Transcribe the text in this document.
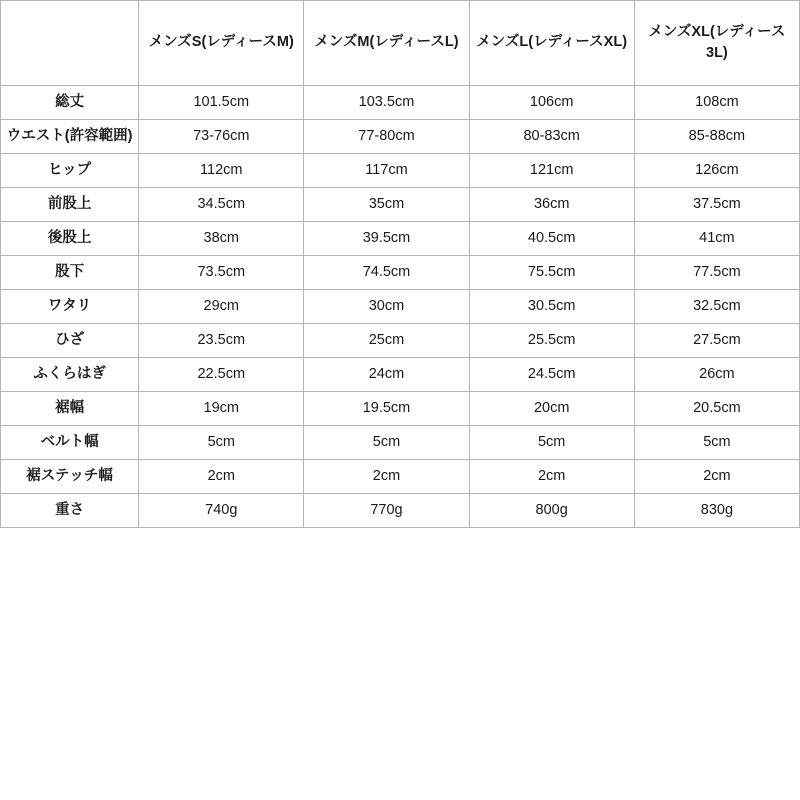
	メンズS(レディースM)	メンズM(レディースL)	メンズL(レディースXL)	メンズXL(レディース3L)
総丈	101.5cm	103.5cm	106cm	108cm
ウエスト(許容範囲)	73-76cm	77-80cm	80-83cm	85-88cm
ヒップ	112cm	117cm	121cm	126cm
前股上	34.5cm	35cm	36cm	37.5cm
後股上	38cm	39.5cm	40.5cm	41cm
股下	73.5cm	74.5cm	75.5cm	77.5cm
ワタリ	29cm	30cm	30.5cm	32.5cm
ひざ	23.5cm	25cm	25.5cm	27.5cm
ふくらはぎ	22.5cm	24cm	24.5cm	26cm
裾幅	19cm	19.5cm	20cm	20.5cm
ベルト幅	5cm	5cm	5cm	5cm
裾ステッチ幅	2cm	2cm	2cm	2cm
重さ	740g	770g	800g	830g
